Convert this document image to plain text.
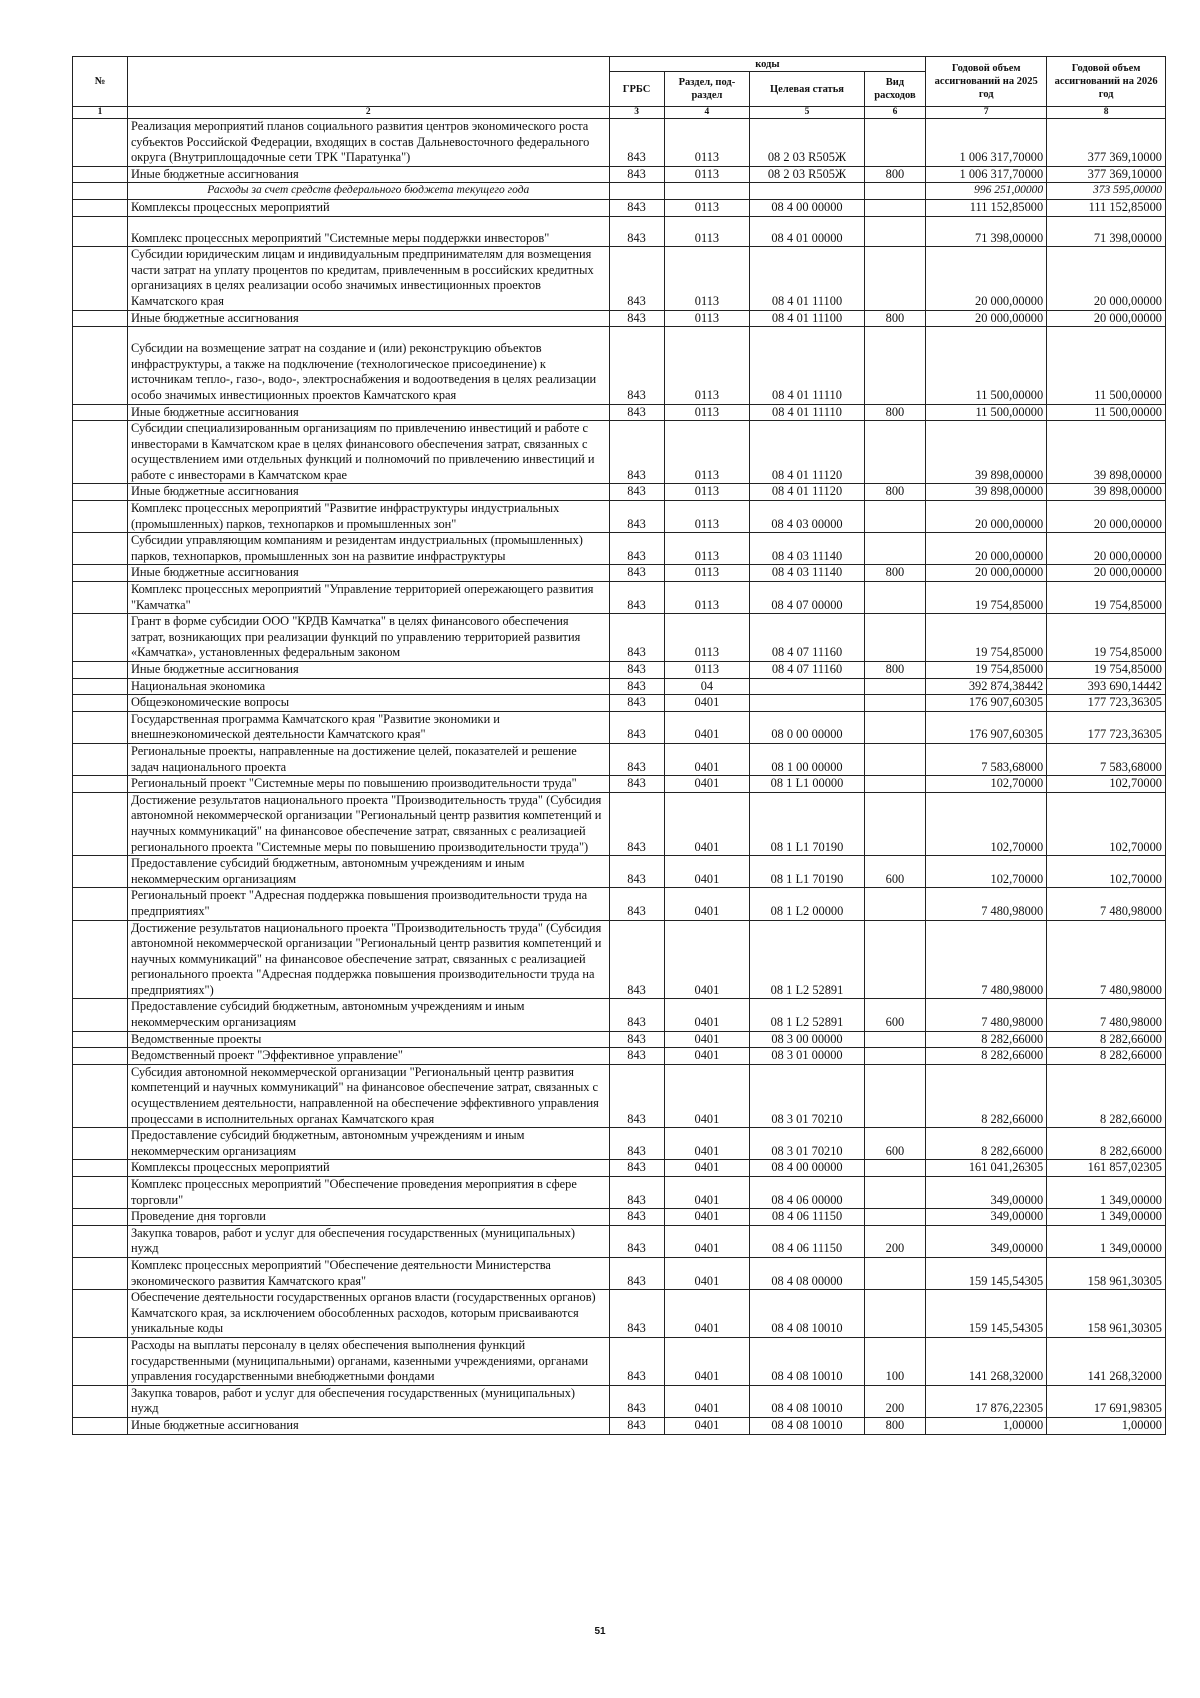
№		коды				Годовой объем ассигнований на 2025 год	Годовой объем ассигнований на 2026 год
		ГРБС	Раздел, под-раздел	Целевая статья	Вид расходов		
1	2	3	4	5	6	7	8
	Реализация мероприятий планов социального развития центров экономического роста субъектов Российской Федерации, входящих в состав Дальневосточного федерального округа (Внутриплощадочные сети ТРК "Паратунка")	843	0113	08 2 03 R505Ж		1 006 317,70000	377 369,10000
	Иные бюджетные ассигнования	843	0113	08 2 03 R505Ж	800	1 006 317,70000	377 369,10000
	Расходы за счет средств федерального бюджета текущего года					996 251,00000	373 595,00000
	Комплексы процессных мероприятий	843	0113	08 4 00 00000		111 152,85000	111 152,85000
	Комплекс процессных мероприятий "Системные меры поддержки инвесторов"	843	0113	08 4 01 00000		71 398,00000	71 398,00000
	Субсидии юридическим лицам и индивидуальным предпринимателям для возмещения части затрат на уплату процентов по кредитам, привлеченным в российских кредитных организациях в целях реализации особо значимых инвестиционных проектов Камчатского края	843	0113	08 4 01 11100		20 000,00000	20 000,00000
	Иные бюджетные ассигнования	843	0113	08 4 01 11100	800	20 000,00000	20 000,00000
	Субсидии на возмещение затрат на создание и (или) реконструкцию объектов инфраструктуры, а также на подключение (технологическое присоединение) к источникам тепло-, газо-, водо-, электроснабжения и водоотведения в целях реализации особо значимых инвестиционных проектов Камчатского края	843	0113	08 4 01 11110		11 500,00000	11 500,00000
	Иные бюджетные ассигнования	843	0113	08 4 01 11110	800	11 500,00000	11 500,00000
	Субсидии специализированным организациям по привлечению инвестиций и работе с инвесторами в Камчатском крае в целях финансового обеспечения затрат, связанных с осуществлением ими отдельных функций и полномочий по привлечению инвестиций и работе с инвесторами в Камчатском крае	843	0113	08 4 01 11120		39 898,00000	39 898,00000
	Иные бюджетные ассигнования	843	0113	08 4 01 11120	800	39 898,00000	39 898,00000
	Комплекс процессных мероприятий "Развитие инфраструктуры индустриальных (промышленных) парков, технопарков и промышленных зон"	843	0113	08 4 03 00000		20 000,00000	20 000,00000
	Субсидии управляющим компаниям и резидентам индустриальных (промышленных) парков, технопарков, промышленных зон на развитие инфраструктуры	843	0113	08 4 03 11140		20 000,00000	20 000,00000
	Иные бюджетные ассигнования	843	0113	08 4 03 11140	800	20 000,00000	20 000,00000
	Комплекс процессных мероприятий "Управление территорией опережающего развития "Камчатка"	843	0113	08 4 07 00000		19 754,85000	19 754,85000
	Грант в форме субсидии ООО "КРДВ Камчатка" в целях финансового обеспечения затрат, возникающих при реализации функций по управлению территорией развития «Камчатка», установленных федеральным законом	843	0113	08 4 07 11160		19 754,85000	19 754,85000
	Иные бюджетные ассигнования	843	0113	08 4 07 11160	800	19 754,85000	19 754,85000
	Национальная экономика	843	04			392 874,38442	393 690,14442
	Общеэкономические вопросы	843	0401			176 907,60305	177 723,36305
	Государственная программа Камчатского края "Развитие экономики и внешнеэкономической деятельности Камчатского края"	843	0401	08 0 00 00000		176 907,60305	177 723,36305
	Региональные проекты, направленные на достижение целей, показателей и решение задач национального проекта	843	0401	08 1 00 00000		7 583,68000	7 583,68000
	Региональный проект "Системные меры по повышению производительности труда"	843	0401	08 1 L1 00000		102,70000	102,70000
	Достижение результатов национального проекта "Производительность труда" (Субсидия автономной некоммерческой организации "Региональный центр развития компетенций и научных коммуникаций" на финансовое обеспечение затрат, связанных с реализацией регионального проекта "Системные меры по повышению производительности труда")	843	0401	08 1 L1 70190		102,70000	102,70000
	Предоставление субсидий бюджетным, автономным учреждениям и иным некоммерческим организациям	843	0401	08 1 L1 70190	600	102,70000	102,70000
	Региональный проект "Адресная поддержка повышения производительности труда на предприятиях"	843	0401	08 1 L2 00000		7 480,98000	7 480,98000
	Достижение результатов национального проекта "Производительность труда" (Субсидия автономной некоммерческой организации "Региональный центр развития компетенций и научных коммуникаций" на финансовое обеспечение затрат, связанных с реализацией регионального проекта "Адресная поддержка повышения производительности труда на предприятиях")	843	0401	08 1 L2 52891		7 480,98000	7 480,98000
	Предоставление субсидий бюджетным, автономным учреждениям и иным некоммерческим организациям	843	0401	08 1 L2 52891	600	7 480,98000	7 480,98000
	Ведомственные проекты	843	0401	08 3 00 00000		8 282,66000	8 282,66000
	Ведомственный проект "Эффективное управление"	843	0401	08 3 01 00000		8 282,66000	8 282,66000
	Субсидия автономной некоммерческой организации "Региональный центр развития компетенций и научных коммуникаций" на финансовое обеспечение затрат, связанных с осуществлением деятельности, направленной на обеспечение эффективного управления процессами в исполнительных органах Камчатского края	843	0401	08 3 01 70210		8 282,66000	8 282,66000
	Предоставление субсидий бюджетным, автономным учреждениям и иным некоммерческим организациям	843	0401	08 3 01 70210	600	8 282,66000	8 282,66000
	Комплексы процессных мероприятий	843	0401	08 4 00 00000		161 041,26305	161 857,02305
	Комплекс процессных мероприятий "Обеспечение проведения мероприятия в сфере торговли"	843	0401	08 4 06 00000		349,00000	1 349,00000
	Проведение дня торговли	843	0401	08 4 06 11150		349,00000	1 349,00000
	Закупка товаров, работ и услуг для обеспечения государственных (муниципальных) нужд	843	0401	08 4 06 11150	200	349,00000	1 349,00000
	Комплекс процессных мероприятий "Обеспечение деятельности Министерства экономического развития Камчатского края"	843	0401	08 4 08 00000		159 145,54305	158 961,30305
	Обеспечение деятельности государственных органов власти (государственных органов) Камчатского края, за исключением обособленных расходов, которым присваиваются уникальные коды	843	0401	08 4 08 10010		159 145,54305	158 961,30305
	Расходы на выплаты персоналу в целях обеспечения выполнения функций государственными (муниципальными) органами, казенными учреждениями, органами управления государственными внебюджетными фондами	843	0401	08 4 08 10010	100	141 268,32000	141 268,32000
	Закупка товаров, работ и услуг для обеспечения государственных (муниципальных) нужд	843	0401	08 4 08 10010	200	17 876,22305	17 691,98305
	Иные бюджетные ассигнования	843	0401	08 4 08 10010	800	1,00000	1,00000
51
